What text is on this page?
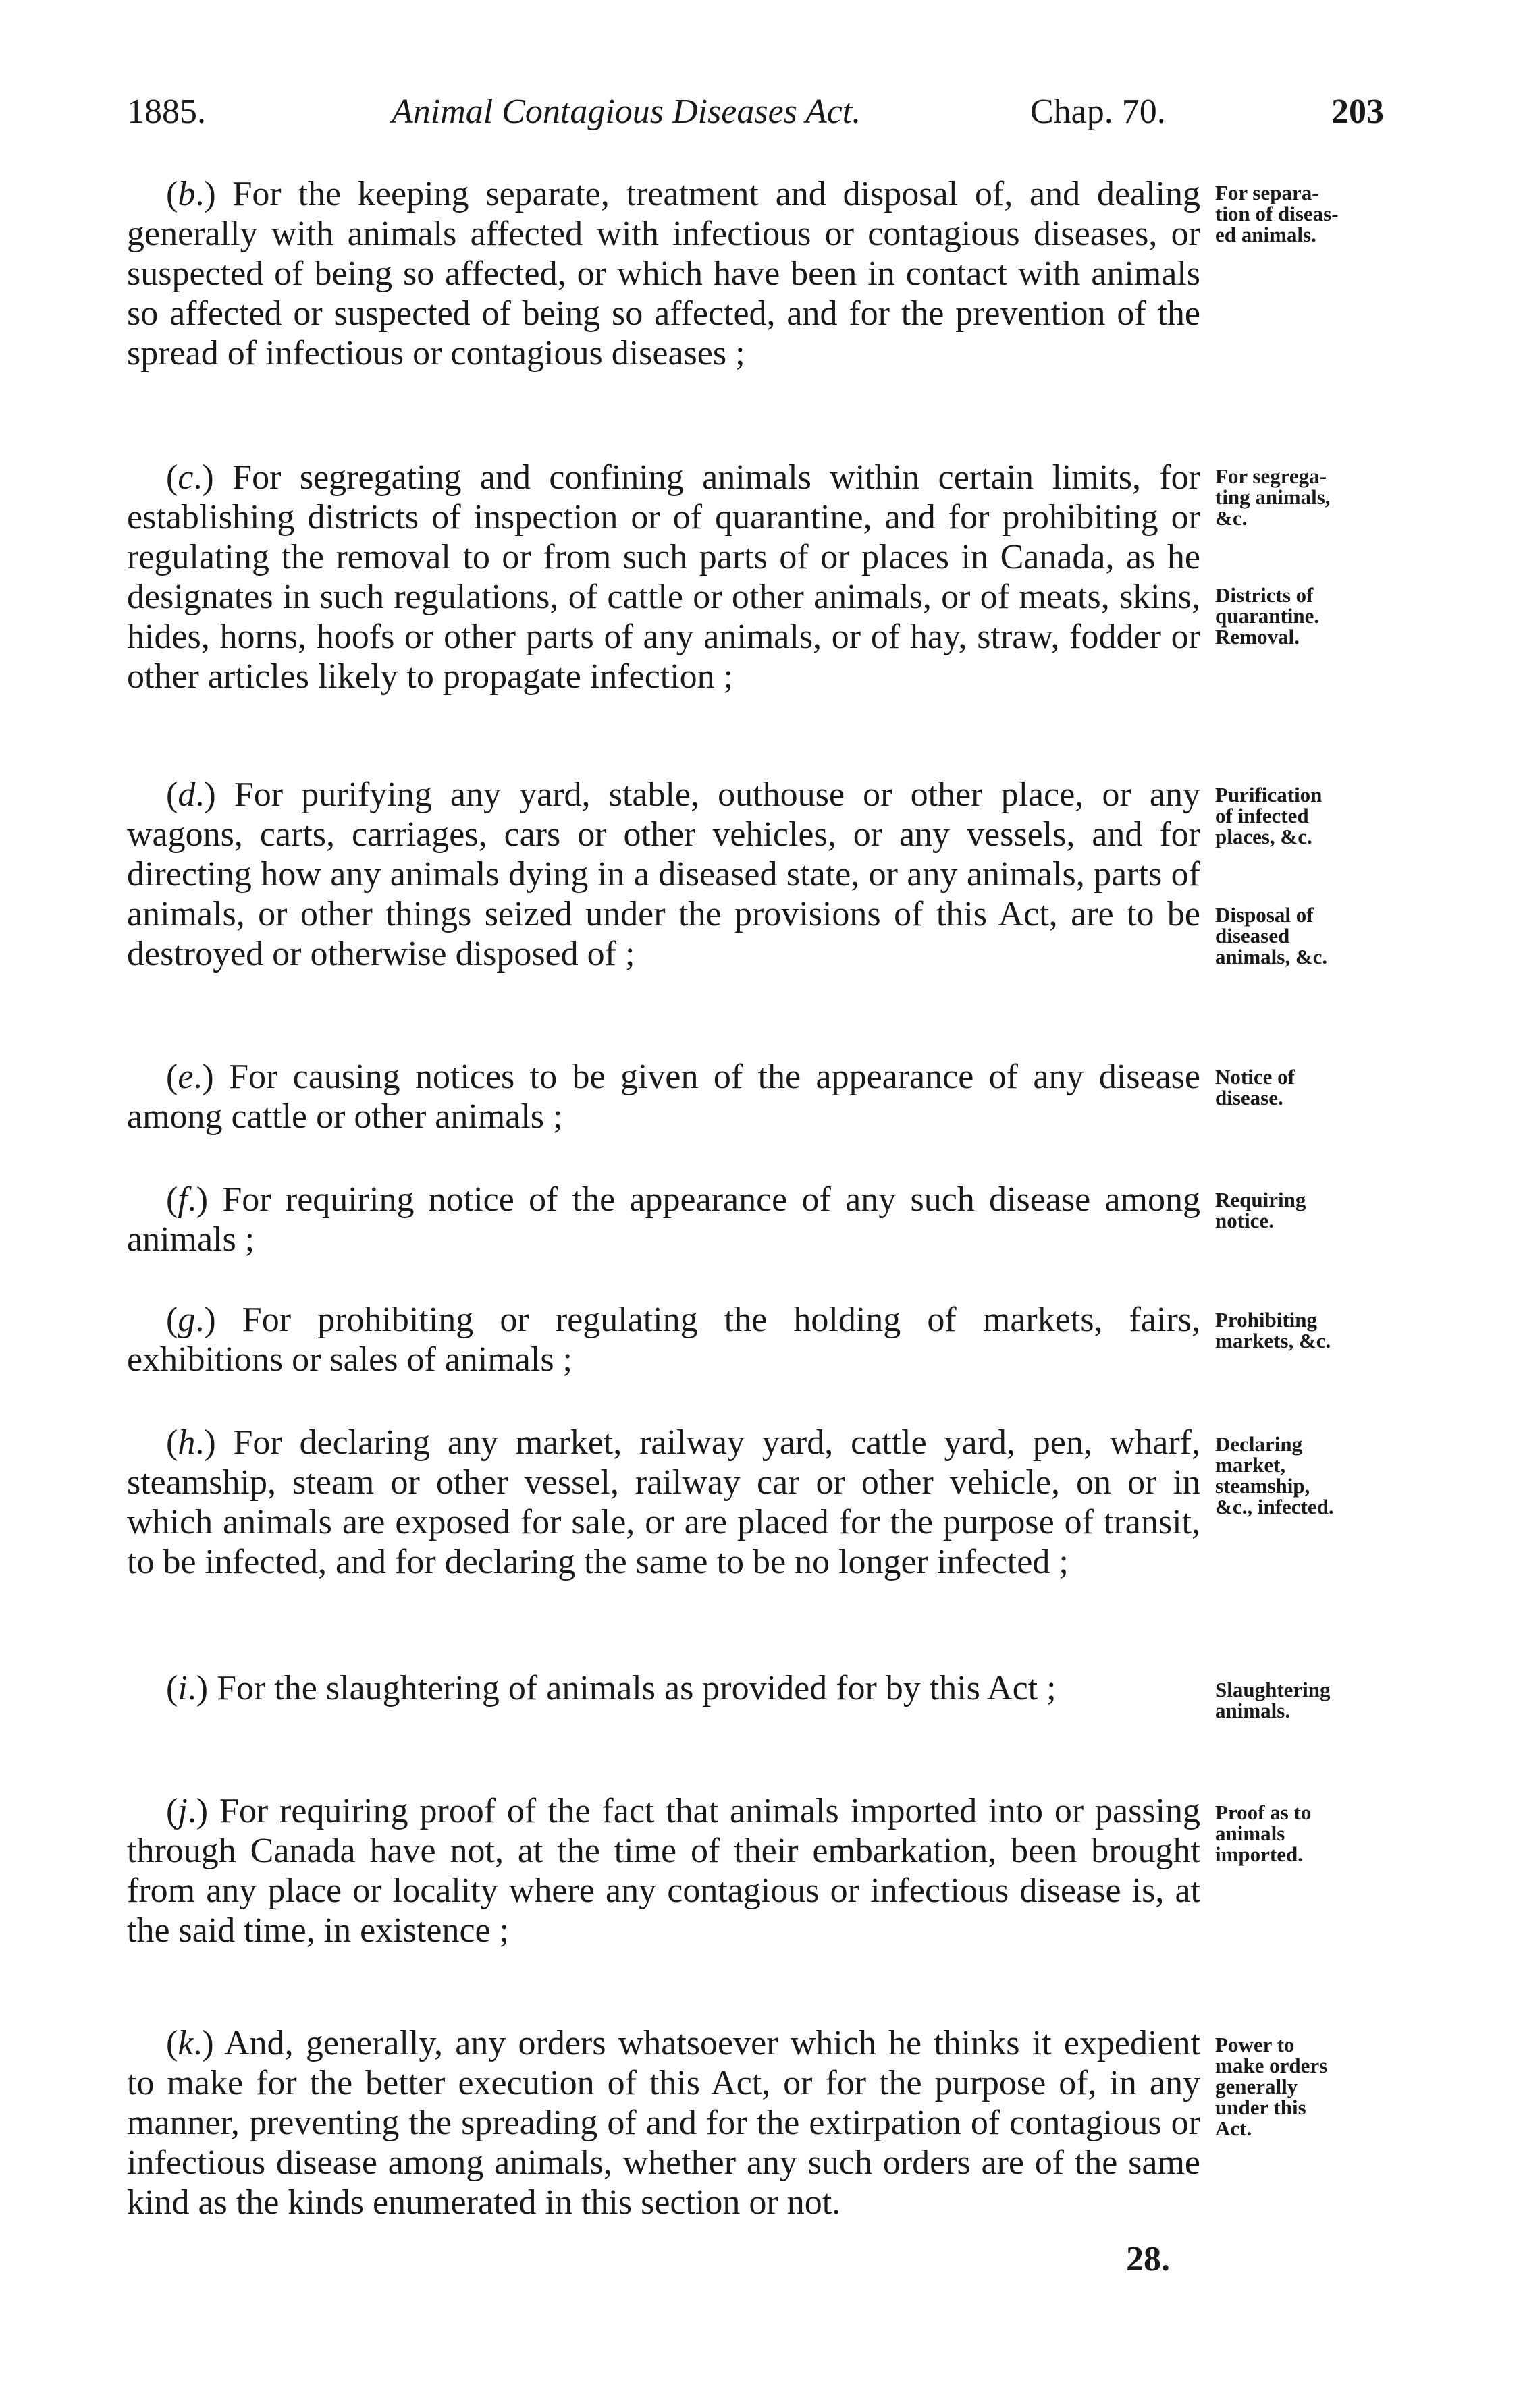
1885.	Animal Contagious Diseases Act.	Chap. 70.	203

(b.) For the keeping separate, treatment and disposal of, and dealing generally with animals affected with infectious or contagious diseases, or suspected of being so affected, or which have been in contact with animals so affected or suspected of being so affected, and for the prevention of the spread of infectious or contagious diseases ;

For separa-
tion of diseas-
ed animals.

(c.) For segregating and confining animals within certain limits, for establishing districts of inspection or of quarantine, and for prohibiting or regulating the removal to or from such parts of or places in Canada, as he designates in such regulations, of cattle or other animals, or of meats, skins, hides, horns, hoofs or other parts of any animals, or of hay, straw, fodder or other articles likely to propagate infection ;

For segrega-
ting animals,
&c.
Districts of
quarantine.
Removal.

(d.) For purifying any yard, stable, outhouse or other place, or any wagons, carts, carriages, cars or other vehicles, or any vessels, and for directing how any animals dying in a diseased state, or any animals, parts of animals, or other things seized under the provisions of this Act, are to be destroyed or otherwise disposed of ;

Purification
of infected
places, &c.
Disposal of
diseased
animals, &c.

(e.) For causing notices to be given of the appearance of any disease among cattle or other animals ;

Notice of
disease.

(f.) For requiring notice of the appearance of any such disease among animals ;

Requiring
notice.

(g.) For prohibiting or regulating the holding of markets, fairs, exhibitions or sales of animals ;

Prohibiting
markets, &c.

(h.) For declaring any market, railway yard, cattle yard, pen, wharf, steamship, steam or other vessel, railway car or other vehicle, on or in which animals are exposed for sale, or are placed for the purpose of transit, to be infected, and for declaring the same to be no longer infected ;

Declaring
market,
steamship,
&c., infected.

(i.) For the slaughtering of animals as provided for by this Act ;	Slaughtering
animals.

(j.) For requiring proof of the fact that animals imported into or passing through Canada have not, at the time of their embarkation, been brought from any place or locality where any contagious or infectious disease is, at the said time, in existence ;

Proof as to
animals
imported.

(k.) And, generally, any orders whatsoever which he thinks it expedient to make for the better execution of this Act, or for the purpose of, in any manner, preventing the spreading of and for the extirpation of contagious or infectious disease among animals, whether any such orders are of the same kind as the kinds enumerated in this section or not.

Power to
make orders
generally
under this
Act.
28.
